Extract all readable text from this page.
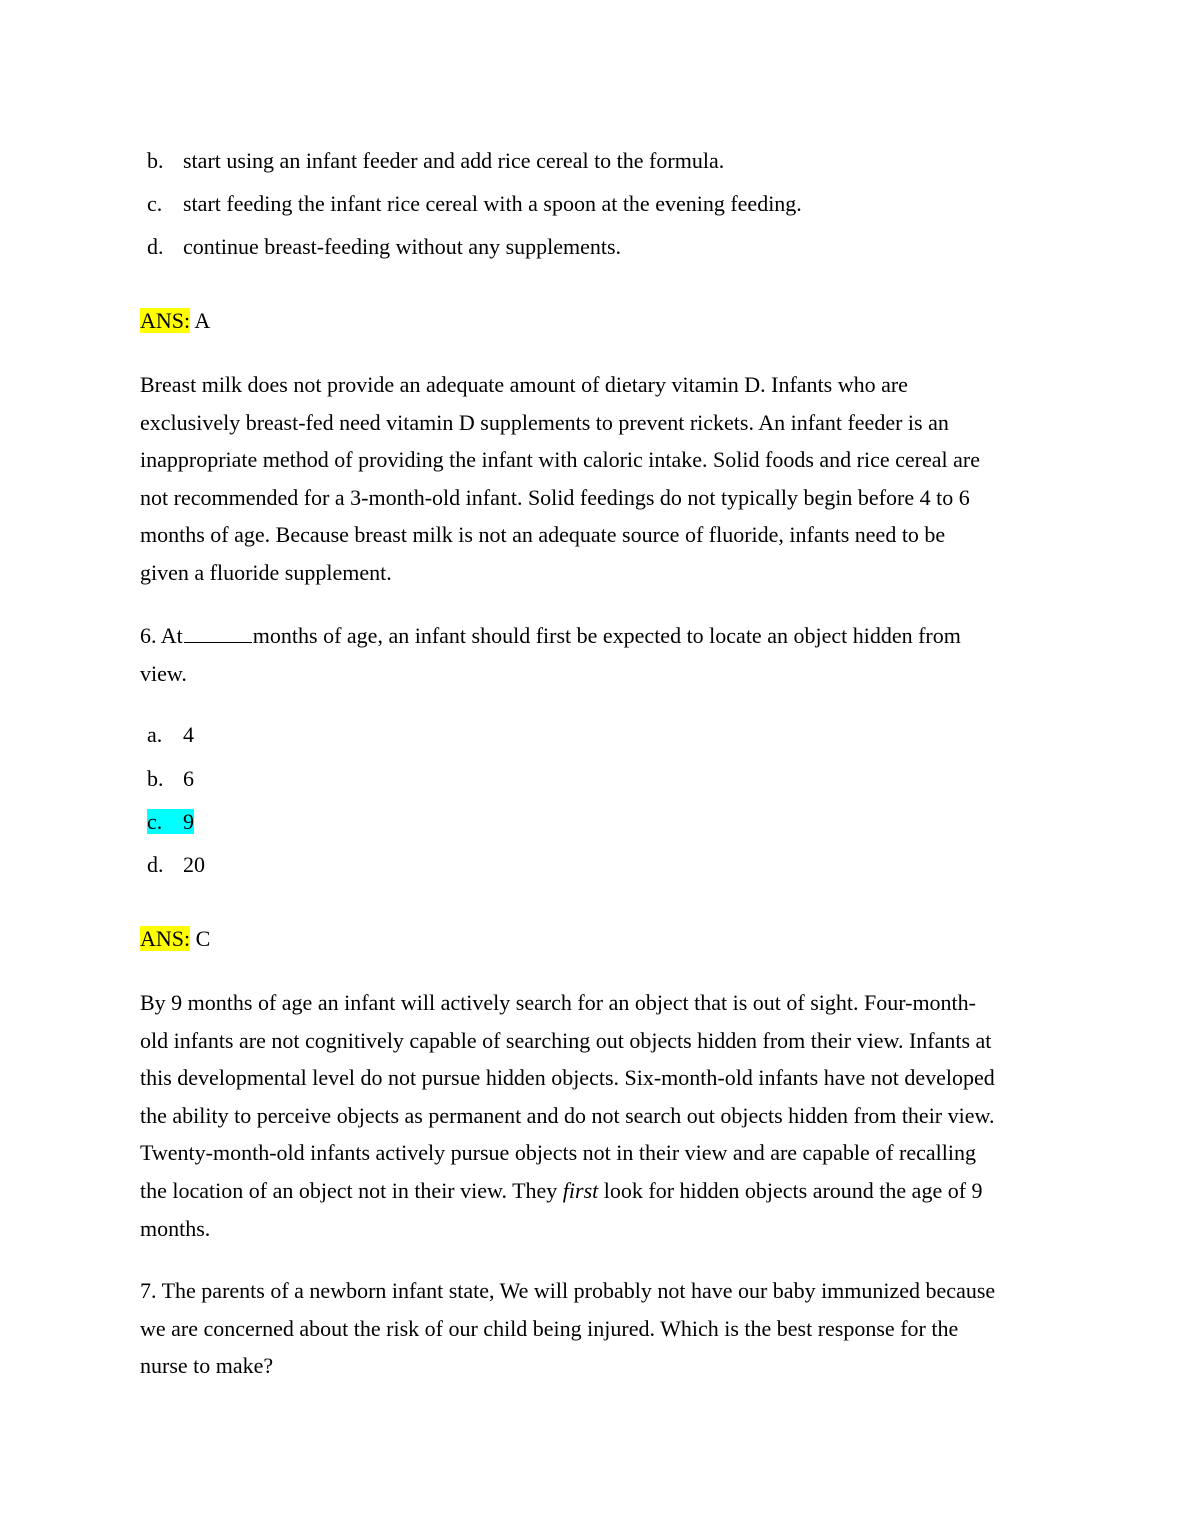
b. start using an infant feeder and add rice cereal to the formula.
c. start feeding the infant rice cereal with a spoon at the evening feeding.
d. continue breast-feeding without any supplements.
ANS: A

Breast milk does not provide an adequate amount of dietary vitamin D. Infants who are

exclusively breast-fed need vitamin D supplements to prevent rickets. An infant feeder is an

inappropriate method of providing the infant with caloric intake. Solid foods and rice cereal are

not recommended for a 3-month-old infant. Solid feedings do not typically begin before 4 to 6

months of age. Because breast milk is not an adequate source of fluoride, infants need to be

given a fluoride supplement.

6. At	months of age, an infant should first be expected to locate an object hidden from

view.

a. 4
b. 6
c. 9
d. 20
ANS: C

By 9 months of age an infant will actively search for an object that is out of sight. Four-month-

old infants are not cognitively capable of searching out objects hidden from their view. Infants at

this developmental level do not pursue hidden objects. Six-month-old infants have not developed

the ability to perceive objects as permanent and do not search out objects hidden from their view.

Twenty-month-old infants actively pursue objects not in their view and are capable of recalling

the location of an object not in their view. They first look for hidden objects around the age of 9

months.

7. The parents of a newborn infant state, We will probably not have our baby immunized because

we are concerned about the risk of our child being injured. Which is the best response for the

nurse to make?
